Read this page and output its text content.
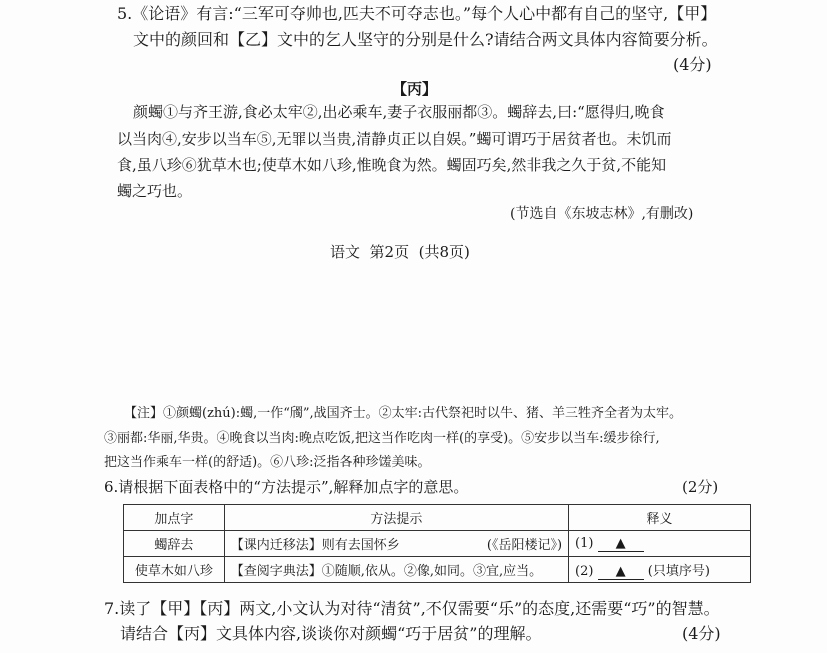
5.《论语》有言:“三军可夺帅也,匹夫不可夺志也。”每个人心中都有自己的坚守,【甲】
文中的颜回和【乙】文中的乞人坚守的分别是什么?请结合两文具体内容简要分析。
(4分)
【丙】
颜蠋①与齐王游,食必太牢②,出必乘车,妻子衣服丽都③。蠋辞去,曰:“愿得归,晚食
以当肉④,安步以当车⑤,无罪以当贵,清静贞正以自娱。”蠋可谓巧于居贫者也。未饥而
食,虽八珍⑥犹草木也;使草木如八珍,惟晚食为然。蠋固巧矣,然非我之久于贫,不能知
蠋之巧也。
(节选自《东坡志林》,有删改)
语文  第2页  (共8页)
【注】①颜蠋(zhú):蠋,一作“斶”,战国齐士。②太牢:古代祭祀时以牛、猪、羊三牲齐全者为太牢。
③丽都:华丽,华贵。④晚食以当肉:晚点吃饭,把这当作吃肉一样(的享受)。⑤安步以当车:缓步徐行,
把这当作乘车一样(的舒适)。⑥八珍:泛指各种珍馐美味。
6.请根据下面表格中的“方法提示”,解释加点字的意思。	(2分)
加点字	方法提示	释义
蠋辞去	【课内迁移法】则有去国怀乡 (《岳阳楼记》)	(1) ▲
使草木如八珍	【查阅字典法】①随顺,依从。②像,如同。③宜,应当。	(2) ▲ (只填序号)
7.读了【甲】【丙】两文,小文认为对待“清贫”,不仅需要“乐”的态度,还需要“巧”的智慧。
请结合【丙】文具体内容,谈谈你对颜蠋“巧于居贫”的理解。	(4分)
